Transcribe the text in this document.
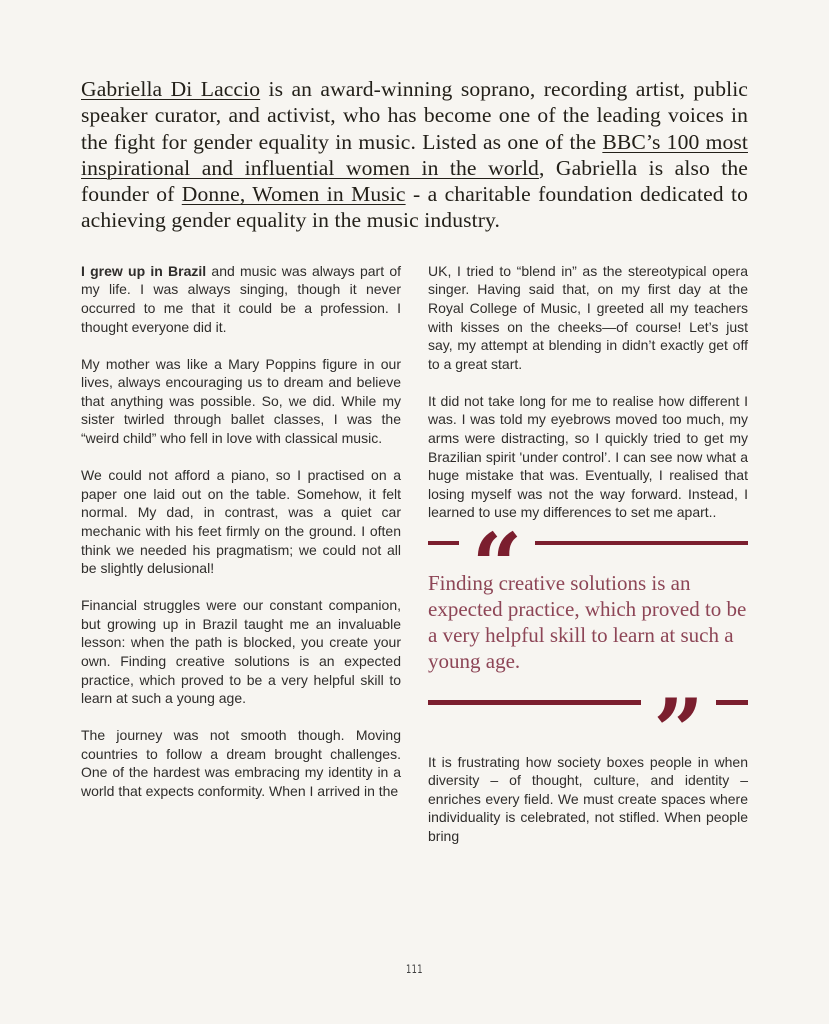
Gabriella Di Laccio is an award-winning soprano, recording artist, public speaker curator, and activist, who has become one of the leading voices in the fight for gender equality in music. Listed as one of the BBC’s 100 most inspirational and influential women in the world, Gabriella is also the founder of Donne, Women in Music - a charitable foundation dedicated to achieving gender equality in the music industry.

I grew up in Brazil and music was always part of my life. I was always singing, though it never occurred to me that it could be a profession. I thought everyone did it.

My mother was like a Mary Poppins figure in our lives, always encouraging us to dream and believe that anything was possible. So, we did. While my sister twirled through ballet classes, I was the “weird child” who fell in love with classical music.

We could not afford a piano, so I practised on a paper one laid out on the table. Somehow, it felt normal. My dad, in contrast, was a quiet car mechanic with his feet firmly on the ground. I often think we needed his pragmatism; we could not all be slightly delusional!

Financial struggles were our constant companion, but growing up in Brazil taught me an invaluable lesson: when the path is blocked, you create your own. Finding creative solutions is an expected practice, which proved to be a very helpful skill to learn at such a young age.

The journey was not smooth though. Moving countries to follow a dream brought challenges. One of the hardest was embracing my identity in a world that expects conformity. When I arrived in the

UK, I tried to “blend in” as the stereotypical opera singer. Having said that, on my first day at the Royal College of Music, I greeted all my teachers with kisses on the cheeks—of course! Let’s just say, my attempt at blending in didn’t exactly get off to a great start.

It did not take long for me to realise how different I was. I was told my eyebrows moved too much, my arms were distracting, so I quickly tried to get my Brazilian spirit 'under control’. I can see now what a huge mistake that was. Eventually, I realised that losing myself was not the way forward. Instead, I learned to use my differences to set me apart..

“
Finding creative solutions is an expected practice, which proved to be a very helpful skill to learn at such a young age.
”

It is frustrating how society boxes people in when diversity – of thought, culture, and identity – enriches every field. We must create spaces where individuality is celebrated, not stifled. When people bring

111
